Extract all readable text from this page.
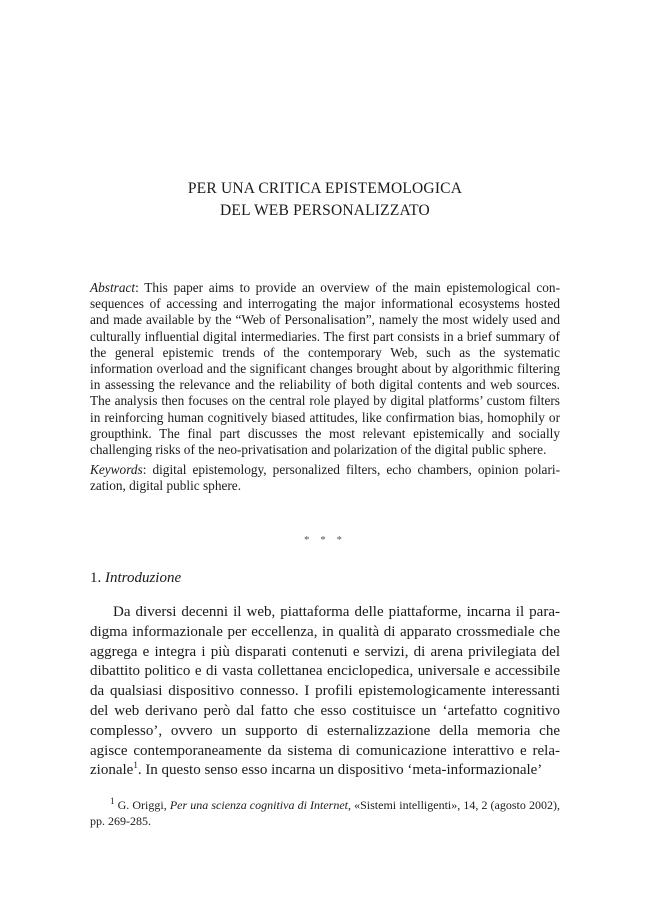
PER UNA CRITICA EPISTEMOLOGICA
DEL WEB PERSONALIZZATO

Abstract: This paper aims to provide an overview of the main epistemological consequences of accessing and interrogating the major informational ecosystems hosted and made available by the “Web of Personalisation”, namely the most widely used and culturally influential digital intermediaries. The first part consists in a brief summary of the general epistemic trends of the contemporary Web, such as the systematic information overload and the significant changes brought about by algorithmic filtering in assessing the relevance and the reliability of both digital contents and web sources. The analysis then focuses on the central role played by digital platforms’ custom filters in reinforcing human cognitively biased attitudes, like confirmation bias, homophily or groupthink. The final part discusses the most relevant epistemically and socially challenging risks of the neo-privatisation and polarization of the digital public sphere.

Keywords: digital epistemology, personalized filters, echo chambers, opinion polarization, digital public sphere.

* * *
1. Introduzione

Da diversi decenni il web, piattaforma delle piattaforme, incarna il paradigma informazionale per eccellenza, in qualità di apparato crossmediale che aggrega e integra i più disparati contenuti e servizi, di arena privilegiata del dibattito politico e di vasta collettanea enciclopedica, universale e accessibile da qualsiasi dispositivo connesso. I profili epistemologicamente interessanti del web derivano però dal fatto che esso costituisce un ‘artefatto cognitivo complesso’, ovvero un supporto di esternalizzazione della memoria che agisce contemporaneamente da sistema di comunicazione interattivo e relazionale$^1$. In questo senso esso incarna un dispositivo ‘meta-informazionale’

$^1$ G. Origgi, Per una scienza cognitiva di Internet, «Sistemi intelligenti», 14, 2 (agosto 2002), pp. 269-285.
